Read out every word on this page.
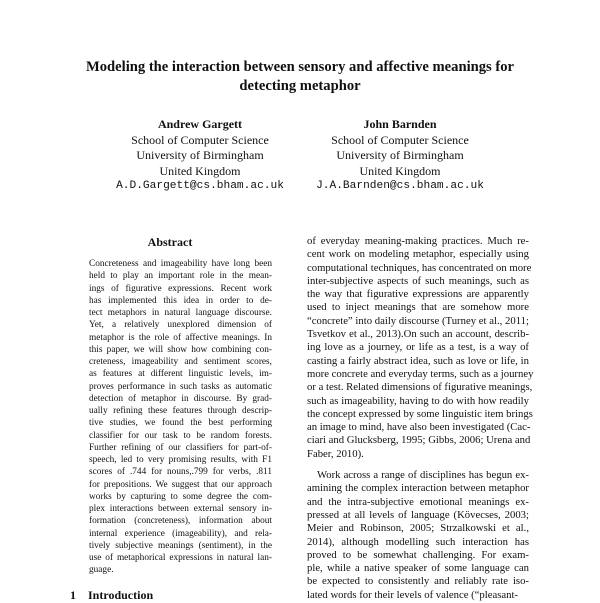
Modeling the interaction between sensory and affective meanings for detecting metaphor
Andrew Gargett
School of Computer Science
University of Birmingham
United Kingdom
A.D.Gargett@cs.bham.ac.uk
John Barnden
School of Computer Science
University of Birmingham
United Kingdom
J.A.Barnden@cs.bham.ac.uk
Abstract
Concreteness and imageability have long been
held to play an important role in the mean-
ings of figurative expressions. Recent work
has implemented this idea in order to de-
tect metaphors in natural language discourse.
Yet, a relatively unexplored dimension of
metaphor is the role of affective meanings. In
this paper, we will show how combining con-
creteness, imageability and sentiment scores,
as features at different linguistic levels, im-
proves performance in such tasks as automatic
detection of metaphor in discourse. By grad-
ually refining these features through descrip-
tive studies, we found the best performing
classifier for our task to be random forests.
Further refining of our classifiers for part-of-
speech, led to very promising results, with F1
scores of .744 for nouns,.799 for verbs, .811
for prepositions. We suggest that our approach
works by capturing to some degree the com-
plex interactions between external sensory in-
formation (concreteness), information about
internal experience (imageability), and rela-
tively subjective meanings (sentiment), in the
use of metaphorical expressions in natural lan-
guage.
of everyday meaning-making practices. Much re-
cent work on modeling metaphor, especially using
computational techniques, has concentrated on more
inter-subjective aspects of such meanings, such as
the way that figurative expressions are apparently
used to inject meanings that are somehow more
“concrete” into daily discourse (Turney et al., 2011;
Tsvetkov et al., 2013).On such an account, describ-
ing love as a journey, or life as a test, is a way of
casting a fairly abstract idea, such as love or life, in
more concrete and everyday terms, such as a journey
or a test. Related dimensions of figurative meanings,
such as imageability, having to do with how readily
the concept expressed by some linguistic item brings
an image to mind, have also been investigated (Cac-
ciari and Glucksberg, 1995; Gibbs, 2006; Urena and
Faber, 2010).
Work across a range of disciplines has begun ex-
amining the complex interaction between metaphor
and the intra-subjective emotional meanings ex-
pressed at all levels of language (Kövecses, 2003;
Meier and Robinson, 2005; Strzalkowski et al.,
2014), although modelling such interaction has
proved to be somewhat challenging. For exam-
ple, while a native speaker of some language can
be expected to consistently and reliably rate iso-
lated words for their levels of valence (“pleasant-
1 Introduction
